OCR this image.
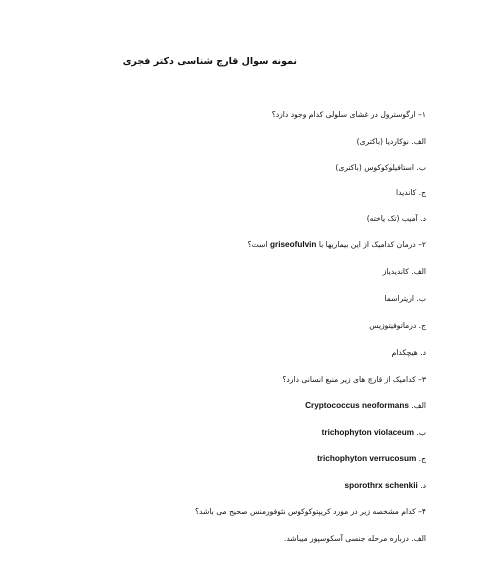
نمونه سوال قارچ شناسی دکتر فجری
۱– ارگوسترول در غشای سلولی کدام وجود دارد؟
الف. نوکاردیا (باکتری)
ب. استافیلوکوکوس (باکتری)
ج. کاندیدا
د. آمیب (تک یاخته)
۲– درمان کدامیک از این بیماریها با griseofulvin است؟
الف. کاندیدیاز
ب. اریتراسما
ج. درماتوفیتوزیس
د. هیچکدام
۳– کدامیک از قارچ های زیر منبع انسانی دارد؟
الف. Cryptococcus neoformans
ب. trichophyton violaceum
ج. trichophyton verrucosum
د. sporothrx schenkii
۴– کدام مشخصه زیر در مورد کریپتوکوکوس نئوفورمنس صحیح می باشد؟
الف. درباره مرحله جنسی آسکوسپور میباشد.
